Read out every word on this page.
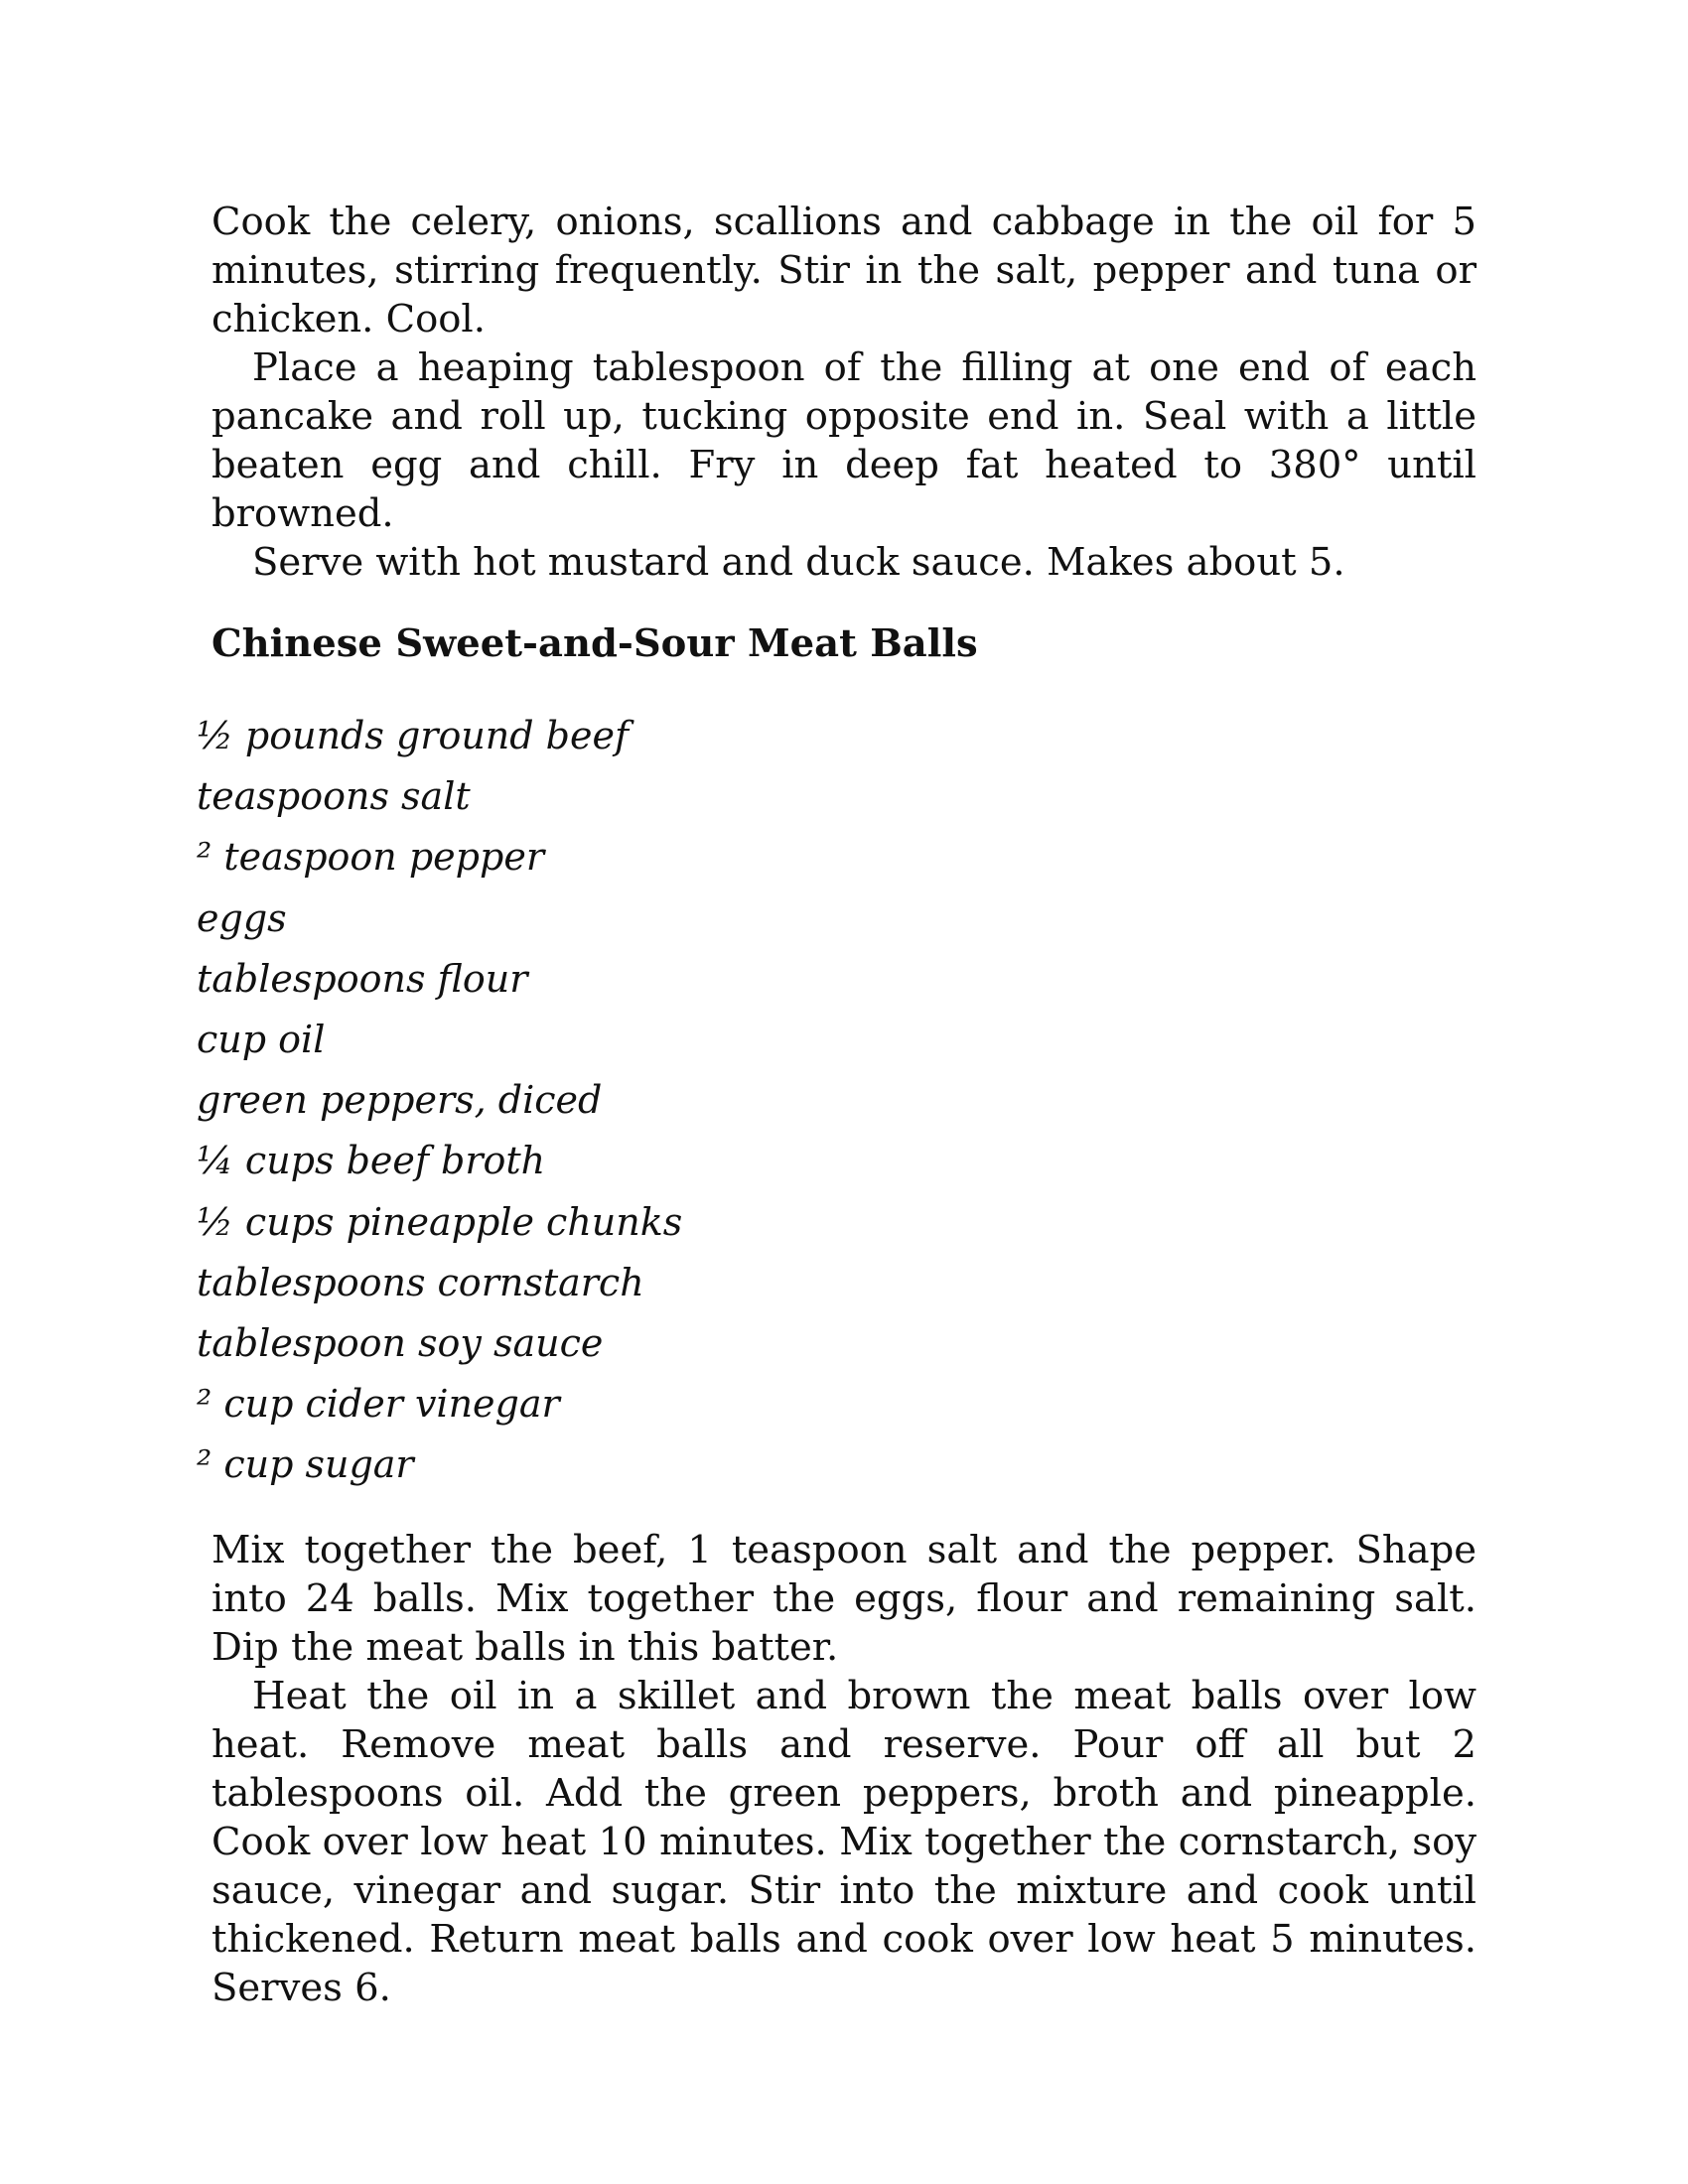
Cook the celery, onions, scallions and cabbage in the oil for 5 minutes, stirring frequently. Stir in the salt, pepper and tuna or chicken. Cool.

Place a heaping tablespoon of the filling at one end of each pancake and roll up, tucking opposite end in. Seal with a little beaten egg and chill. Fry in deep fat heated to 380° until browned.

Serve with hot mustard and duck sauce. Makes about 5.

Chinese Sweet-and-Sour Meat Balls
½ pounds ground beef
teaspoons salt
² teaspoon pepper
eggs
tablespoons flour
cup oil
green peppers, diced
¼ cups beef broth
½ cups pineapple chunks
tablespoons cornstarch
tablespoon soy sauce
² cup cider vinegar
² cup sugar

Mix together the beef, 1 teaspoon salt and the pepper. Shape into 24 balls. Mix together the eggs, flour and remaining salt. Dip the meat balls in this batter.

Heat the oil in a skillet and brown the meat balls over low heat. Remove meat balls and reserve. Pour off all but 2 tablespoons oil. Add the green peppers, broth and pineapple. Cook over low heat 10 minutes. Mix together the cornstarch, soy sauce, vinegar and sugar. Stir into the mixture and cook until thickened. Return meat balls and cook over low heat 5 minutes. Serves 6.
